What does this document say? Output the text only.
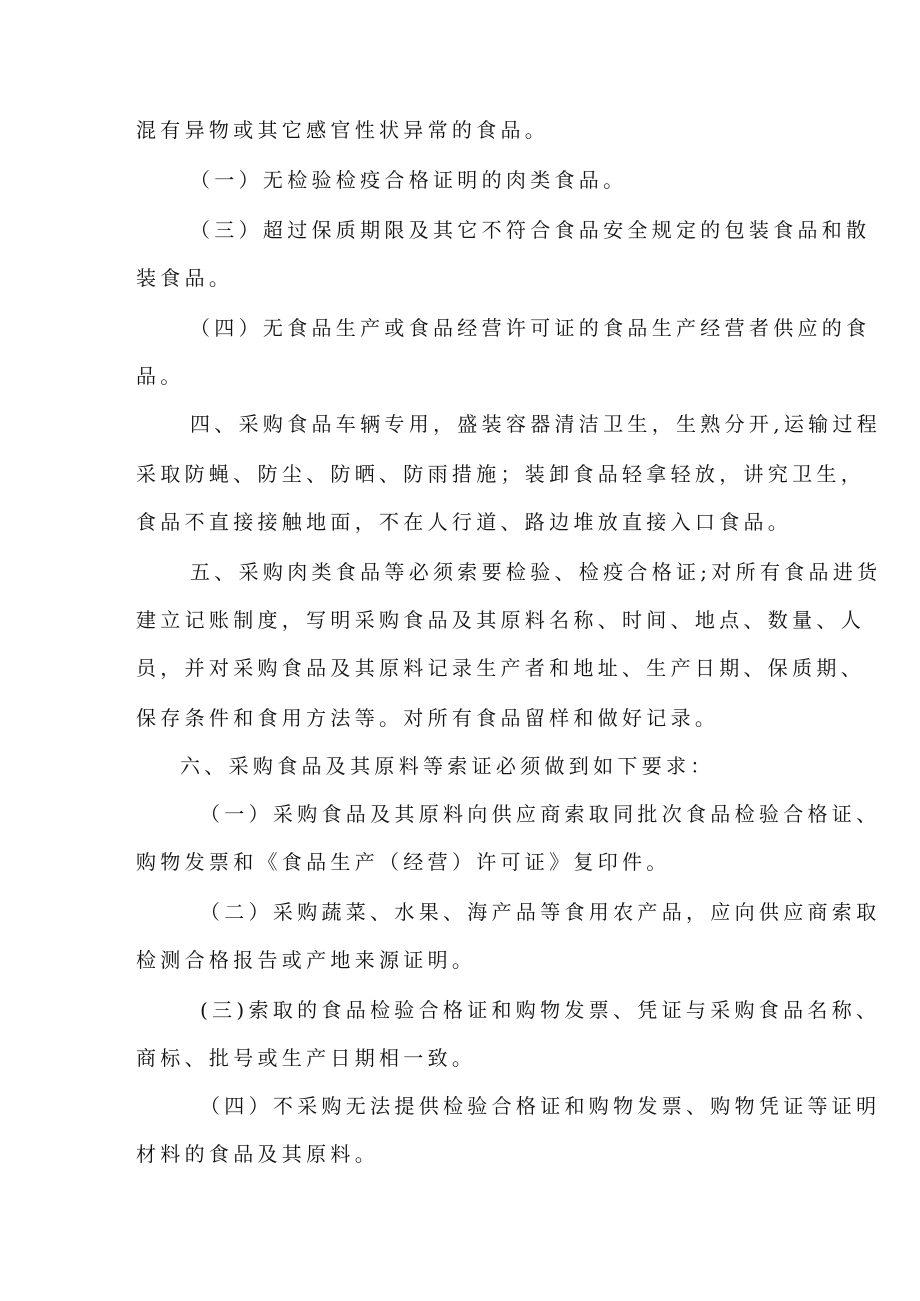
混有异物或其它感官性状异常的食品。
（一）无检验检疫合格证明的肉类食品。
（三）超过保质期限及其它不符合食品安全规定的包装食品和散
装食品。
（四）无食品生产或食品经营许可证的食品生产经营者供应的食
品。
四、采购食品车辆专用，盛装容器清洁卫生，生熟分开,运输过程
采取防蝇、防尘、防晒、防雨措施；装卸食品轻拿轻放，讲究卫生，
食品不直接接触地面，不在人行道、路边堆放直接入口食品。
五、采购肉类食品等必须索要检验、检疫合格证;对所有食品进货
建立记账制度，写明采购食品及其原料名称、时间、地点、数量、人
员，并对采购食品及其原料记录生产者和地址、生产日期、保质期、
保存条件和食用方法等。对所有食品留样和做好记录。
六、采购食品及其原料等索证必须做到如下要求：
（一）采购食品及其原料向供应商索取同批次食品检验合格证、
购物发票和《食品生产（经营）许可证》复印件。
（二）采购蔬菜、水果、海产品等食用农产品，应向供应商索取
检测合格报告或产地来源证明。
(三)索取的食品检验合格证和购物发票、凭证与采购食品名称、
商标、批号或生产日期相一致。
（四）不采购无法提供检验合格证和购物发票、购物凭证等证明
材料的食品及其原料。
